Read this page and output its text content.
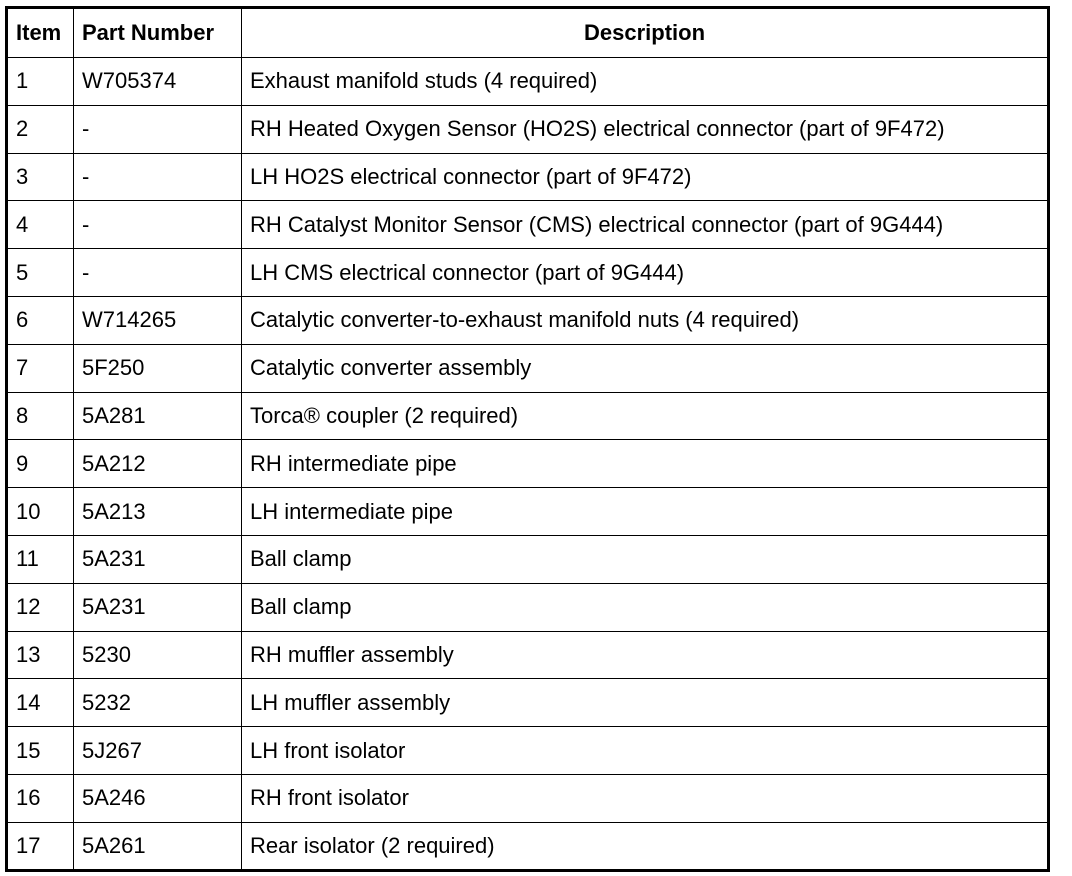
Item	Part Number	Description
1	W705374	Exhaust manifold studs (4 required)
2	-	RH Heated Oxygen Sensor (HO2S) electrical connector (part of 9F472)
3	-	LH HO2S electrical connector (part of 9F472)
4	-	RH Catalyst Monitor Sensor (CMS) electrical connector (part of 9G444)
5	-	LH CMS electrical connector (part of 9G444)
6	W714265	Catalytic converter-to-exhaust manifold nuts (4 required)
7	5F250	Catalytic converter assembly
8	5A281	Torca® coupler (2 required)
9	5A212	RH intermediate pipe
10	5A213	LH intermediate pipe
11	5A231	Ball clamp
12	5A231	Ball clamp
13	5230	RH muffler assembly
14	5232	LH muffler assembly
15	5J267	LH front isolator
16	5A246	RH front isolator
17	5A261	Rear isolator (2 required)
